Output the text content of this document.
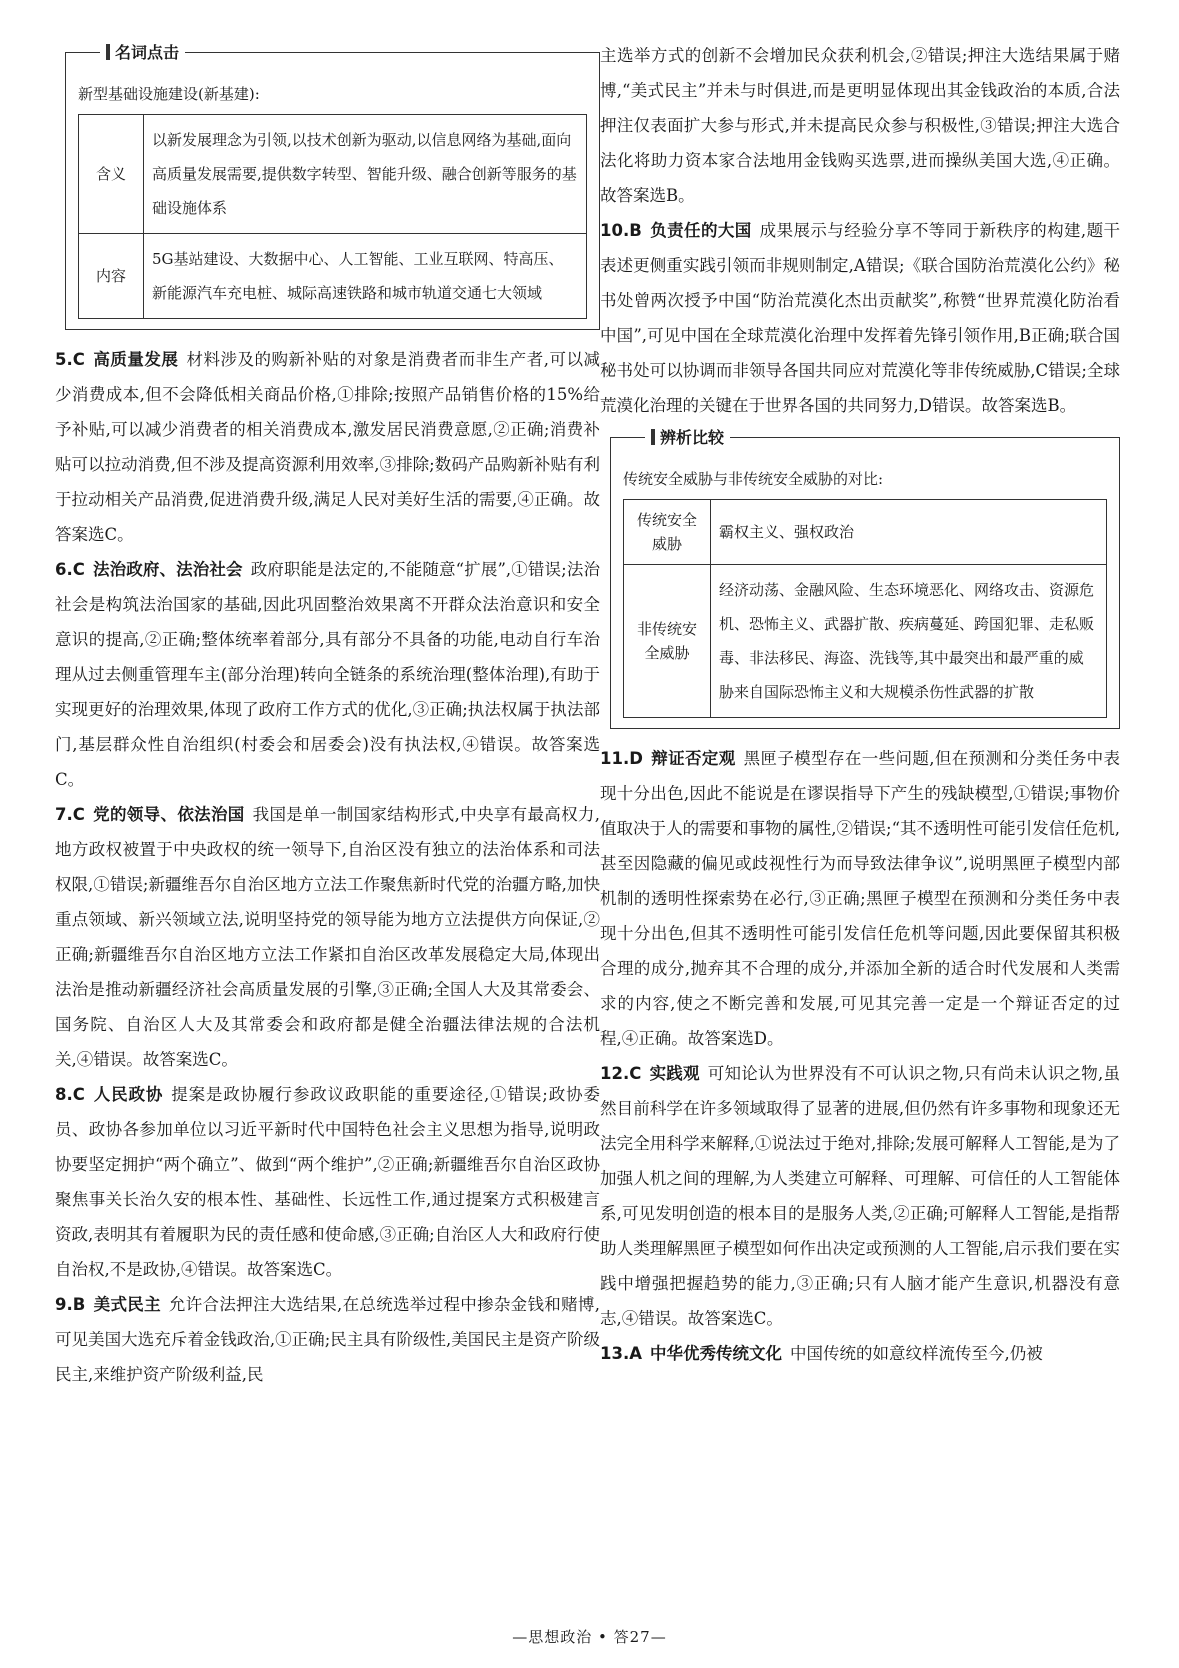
名词点击

新型基础设施建设(新基建):

含义	以新发展理念为引领,以技术创新为驱动,以信息网络为基础,面向高质量发展需要,提供数字转型、智能升级、融合创新等服务的基础设施体系
内容	5G基站建设、大数据中心、人工智能、工业互联网、特高压、新能源汽车充电桩、城际高速铁路和城市轨道交通七大领域

5.C 高质量发展 材料涉及的购新补贴的对象是消费者而非生产者,可以减少消费成本,但不会降低相关商品价格,①排除;按照产品销售价格的15%给予补贴,可以减少消费者的相关消费成本,激发居民消费意愿,②正确;消费补贴可以拉动消费,但不涉及提高资源利用效率,③排除;数码产品购新补贴有利于拉动相关产品消费,促进消费升级,满足人民对美好生活的需要,④正确。故答案选C。

6.C 法治政府、法治社会 政府职能是法定的,不能随意“扩展”,①错误;法治社会是构筑法治国家的基础,因此巩固整治效果离不开群众法治意识和安全意识的提高,②正确;整体统率着部分,具有部分不具备的功能,电动自行车治理从过去侧重管理车主(部分治理)转向全链条的系统治理(整体治理),有助于实现更好的治理效果,体现了政府工作方式的优化,③正确;执法权属于执法部门,基层群众性自治组织(村委会和居委会)没有执法权,④错误。故答案选C。

7.C 党的领导、依法治国 我国是单一制国家结构形式,中央享有最高权力,地方政权被置于中央政权的统一领导下,自治区没有独立的法治体系和司法权限,①错误;新疆维吾尔自治区地方立法工作聚焦新时代党的治疆方略,加快重点领域、新兴领域立法,说明坚持党的领导能为地方立法提供方向保证,②正确;新疆维吾尔自治区地方立法工作紧扣自治区改革发展稳定大局,体现出法治是推动新疆经济社会高质量发展的引擎,③正确;全国人大及其常委会、国务院、自治区人大及其常委会和政府都是健全治疆法律法规的合法机关,④错误。故答案选C。

8.C 人民政协 提案是政协履行参政议政职能的重要途径,①错误;政协委员、政协各参加单位以习近平新时代中国特色社会主义思想为指导,说明政协要坚定拥护“两个确立”、做到“两个维护”,②正确;新疆维吾尔自治区政协聚焦事关长治久安的根本性、基础性、长远性工作,通过提案方式积极建言资政,表明其有着履职为民的责任感和使命感,③正确;自治区人大和政府行使自治权,不是政协,④错误。故答案选C。

9.B 美式民主 允许合法押注大选结果,在总统选举过程中掺杂金钱和赌博,可见美国大选充斥着金钱政治,①正确;民主具有阶级性,美国民主是资产阶级民主,来维护资产阶级利益,民

主选举方式的创新不会增加民众获利机会,②错误;押注大选结果属于赌博,“美式民主”并未与时俱进,而是更明显体现出其金钱政治的本质,合法押注仅表面扩大参与形式,并未提高民众参与积极性,③错误;押注大选合法化将助力资本家合法地用金钱购买选票,进而操纵美国大选,④正确。故答案选B。

10.B 负责任的大国 成果展示与经验分享不等同于新秩序的构建,题干表述更侧重实践引领而非规则制定,A错误;《联合国防治荒漠化公约》秘书处曾两次授予中国“防治荒漠化杰出贡献奖”,称赞“世界荒漠化防治看中国”,可见中国在全球荒漠化治理中发挥着先锋引领作用,B正确;联合国秘书处可以协调而非领导各国共同应对荒漠化等非传统威胁,C错误;全球荒漠化治理的关键在于世界各国的共同努力,D错误。故答案选B。

辨析比较

传统安全威胁与非传统安全威胁的对比:

传统安全威胁	霸权主义、强权政治
非传统安全威胁	经济动荡、金融风险、生态环境恶化、网络攻击、资源危机、恐怖主义、武器扩散、疾病蔓延、跨国犯罪、走私贩毒、非法移民、海盗、洗钱等,其中最突出和最严重的威胁来自国际恐怖主义和大规模杀伤性武器的扩散

11.D 辩证否定观 黑匣子模型存在一些问题,但在预测和分类任务中表现十分出色,因此不能说是在谬误指导下产生的残缺模型,①错误;事物价值取决于人的需要和事物的属性,②错误;“其不透明性可能引发信任危机,甚至因隐藏的偏见或歧视性行为而导致法律争议”,说明黑匣子模型内部机制的透明性探索势在必行,③正确;黑匣子模型在预测和分类任务中表现十分出色,但其不透明性可能引发信任危机等问题,因此要保留其积极合理的成分,抛弃其不合理的成分,并添加全新的适合时代发展和人类需求的内容,使之不断完善和发展,可见其完善一定是一个辩证否定的过程,④正确。故答案选D。

12.C 实践观 可知论认为世界没有不可认识之物,只有尚未认识之物,虽然目前科学在许多领域取得了显著的进展,但仍然有许多事物和现象还无法完全用科学来解释,①说法过于绝对,排除;发展可解释人工智能,是为了加强人机之间的理解,为人类建立可解释、可理解、可信任的人工智能体系,可见发明创造的根本目的是服务人类,②正确;可解释人工智能,是指帮助人类理解黑匣子模型如何作出决定或预测的人工智能,启示我们要在实践中增强把握趋势的能力,③正确;只有人脑才能产生意识,机器没有意志,④错误。故答案选C。

13.A 中华优秀传统文化 中国传统的如意纹样流传至今,仍被

—思想政治 • 答27—
